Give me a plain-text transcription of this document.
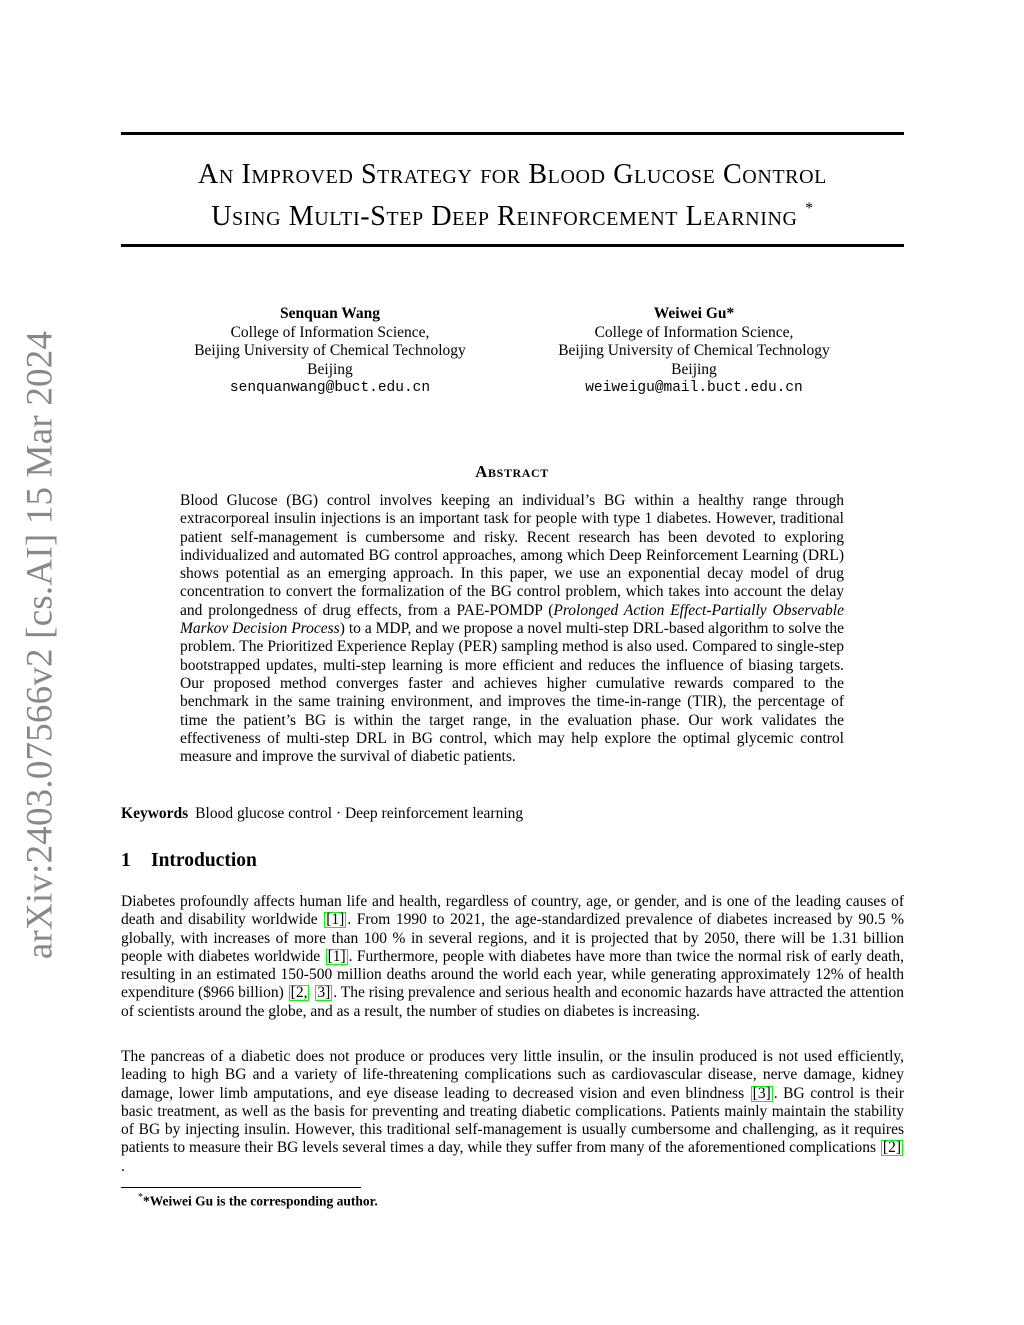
arXiv:2403.07566v2 [cs.AI] 15 Mar 2024
An Improved Strategy for Blood Glucose Control
Using Multi-Step Deep Reinforcement Learning *
Senquan Wang
College of Information Science,
Beijing University of Chemical Technology
Beijing
senquanwang@buct.edu.cn
Weiwei Gu*
College of Information Science,
Beijing University of Chemical Technology
Beijing
weiweigu@mail.buct.edu.cn
Abstract

Blood Glucose (BG) control involves keeping an individual’s BG within a healthy range through extracorporeal insulin injections is an important task for people with type 1 diabetes. However, traditional patient self-management is cumbersome and risky. Recent research has been devoted to exploring individualized and automated BG control approaches, among which Deep Reinforcement Learning (DRL) shows potential as an emerging approach. In this paper, we use an exponential decay model of drug concentration to convert the formalization of the BG control problem, which takes into account the delay and prolongedness of drug effects, from a PAE-POMDP (Prolonged Action Effect-Partially Observable Markov Decision Process) to a MDP, and we propose a novel multi-step DRL-based algorithm to solve the problem. The Prioritized Experience Replay (PER) sampling method is also used. Compared to single-step bootstrapped updates, multi-step learning is more efficient and reduces the influence of biasing targets. Our proposed method converges faster and achieves higher cumulative rewards compared to the benchmark in the same training environment, and improves the time-in-range (TIR), the percentage of time the patient’s BG is within the target range, in the evaluation phase. Our work validates the effectiveness of multi-step DRL in BG control, which may help explore the optimal glycemic control measure and improve the survival of diabetic patients.

Keywords Blood glucose control · Deep reinforcement learning
1 Introduction

Diabetes profoundly affects human life and health, regardless of country, age, or gender, and is one of the leading causes of death and disability worldwide [1] . From 1990 to 2021, the age-standardized prevalence of diabetes increased by 90.5 % globally, with increases of more than 100 % in several regions, and it is projected that by 2050, there will be 1.31 billion people with diabetes worldwide [1] . Furthermore, people with diabetes have more than twice the normal risk of early death, resulting in an estimated 150-500 million deaths around the world each year, while generating approximately 12% of health expenditure ($966 billion) [2, 3] . The rising prevalence and serious health and economic hazards have attracted the attention of scientists around the globe, and as a result, the number of studies on diabetes is increasing.

The pancreas of a diabetic does not produce or produces very little insulin, or the insulin produced is not used efficiently, leading to high BG and a variety of life-threatening complications such as cardiovascular disease, nerve damage, kidney damage, lower limb amputations, and eye disease leading to decreased vision and even blindness [3] . BG control is their basic treatment, as well as the basis for preventing and treating diabetic complications. Patients mainly maintain the stability of BG by injecting insulin. However, this traditional self-management is usually cumbersome and challenging, as it requires patients to measure their BG levels several times a day, while they suffer from many of the aforementioned complications [2].

**Weiwei Gu is the corresponding author.
